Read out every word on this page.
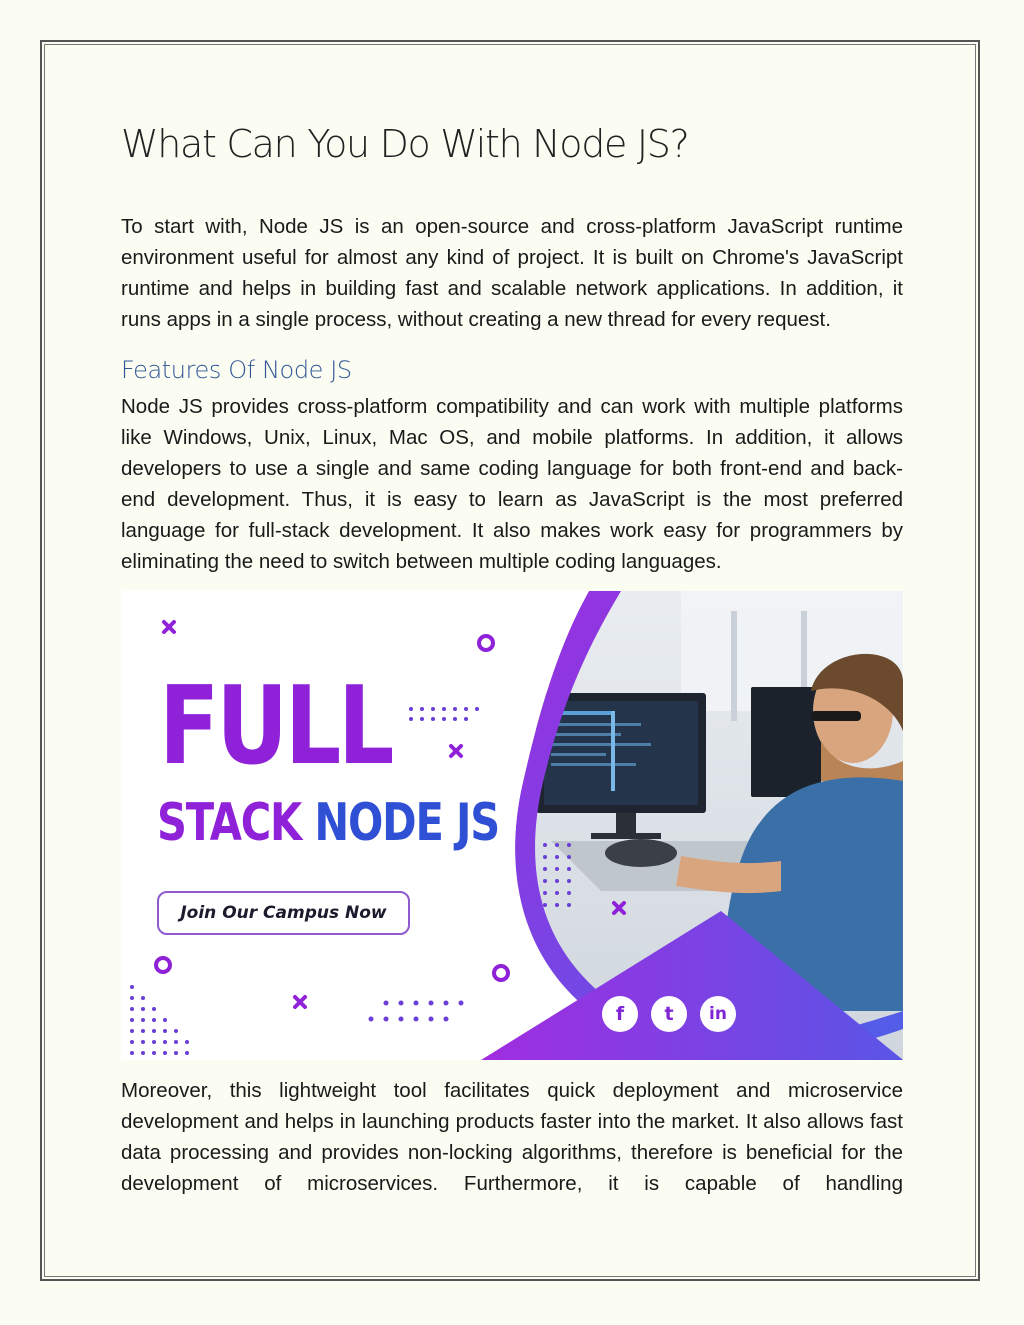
What Can You Do With Node JS?

To start with, Node JS is an open-source and cross-platform JavaScript runtime environment useful for almost any kind of project. It is built on Chrome's JavaScript runtime and helps in building fast and scalable network applications. In addition, it runs apps in a single process, without creating a new thread for every request.

Features Of Node JS

Node JS provides cross-platform compatibility and can work with multiple platforms like Windows, Unix, Linux, Mac OS, and mobile platforms. In addition, it allows developers to use a single and same coding language for both front-end and back-end development. Thus, it is easy to learn as JavaScript is the most preferred language for full-stack development. It also makes work easy for programmers by eliminating the need to switch between multiple coding languages.

FULL
STACK NODE JS
Join Our Campus Now
f	t	in

Moreover, this lightweight tool facilitates quick deployment and microservice development and helps in launching products faster into the market. It also allows fast data processing and provides non-locking algorithms, therefore is beneficial for the development of microservices. Furthermore, it is capable of handling
